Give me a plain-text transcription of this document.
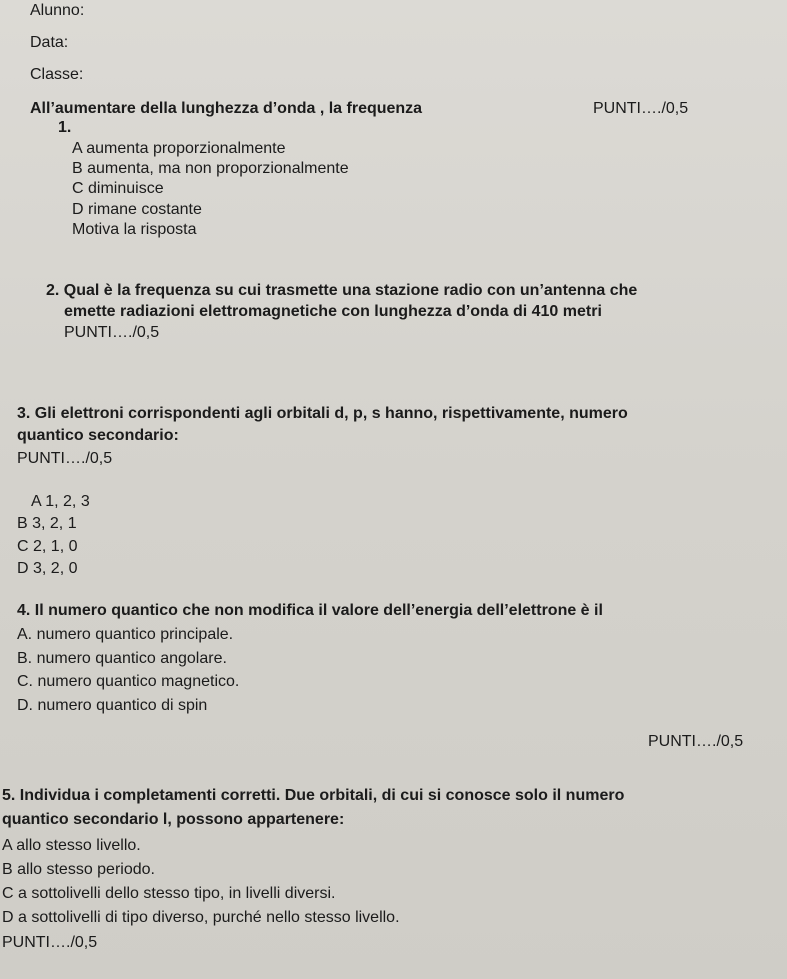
Alunno:
Data:
Classe:
All’aumentare della lunghezza d’onda , la frequenza	PUNTI…./0,5
1.
A aumenta proporzionalmente
B aumenta, ma non proporzionalmente
C diminuisce
D rimane costante
Motiva la risposta
2. Qual è la frequenza su cui trasmette una stazione radio con un’antenna che
emette radiazioni elettromagnetiche con lunghezza d’onda di 410 metri
PUNTI…./0,5
3. Gli elettroni corrispondenti agli orbitali d, p, s hanno, rispettivamente, numero
quantico secondario:
PUNTI…./0,5
A 1, 2, 3
B 3, 2, 1
C 2, 1, 0
D 3, 2, 0
4. Il numero quantico che non modifica il valore dell’energia dell’elettrone è il
A. numero quantico principale.
B. numero quantico angolare.
C. numero quantico magnetico.
D. numero quantico di spin
PUNTI…./0,5
5. Individua i completamenti corretti. Due orbitali, di cui si conosce solo il numero
quantico secondario l, possono appartenere:
A allo stesso livello.
B allo stesso periodo.
C a sottolivelli dello stesso tipo, in livelli diversi.
D a sottolivelli di tipo diverso, purché nello stesso livello.
PUNTI…./0,5
